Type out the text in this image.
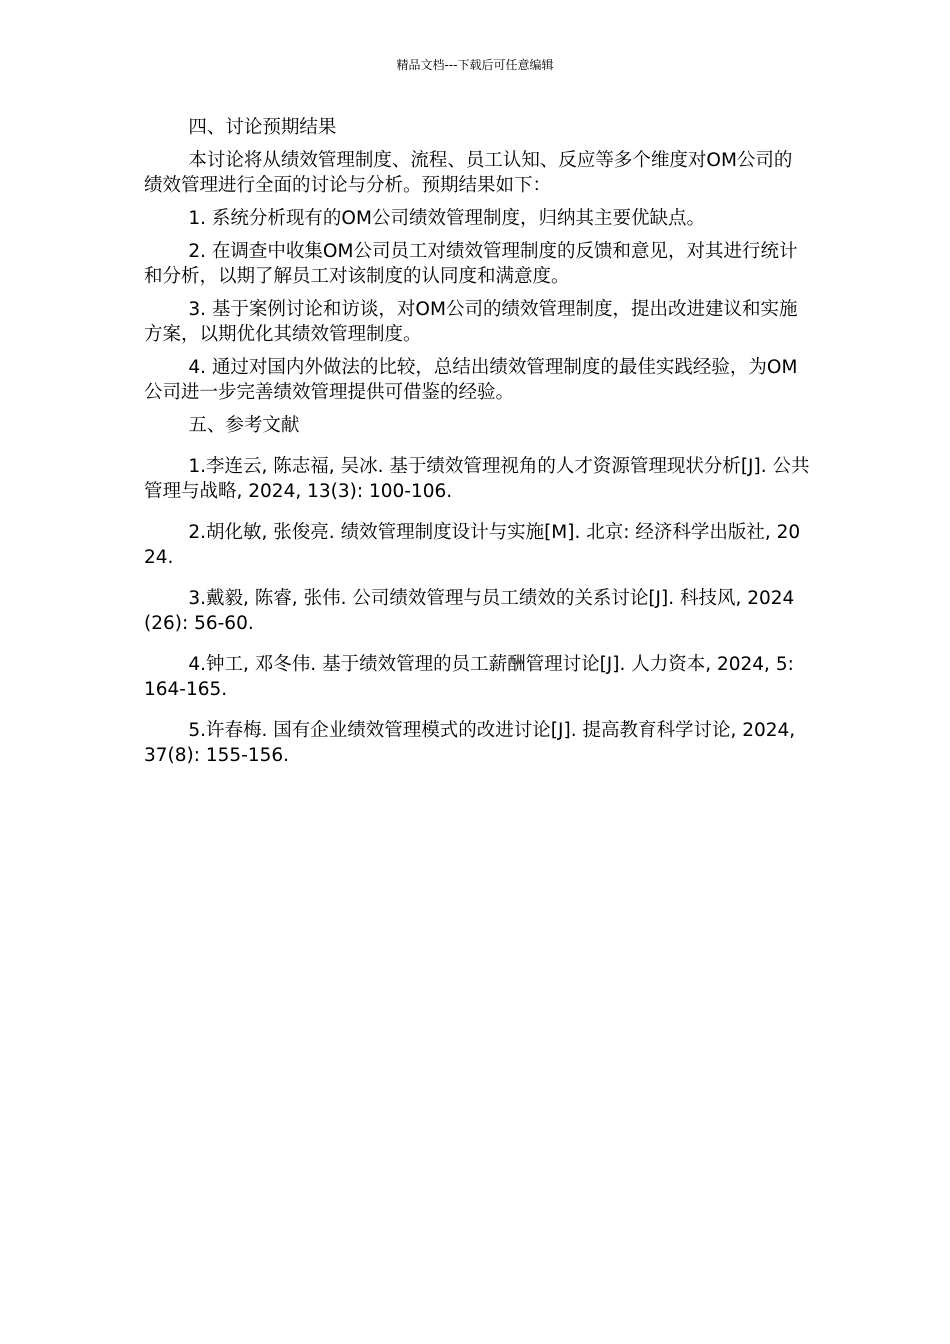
精品文档---下载后可任意编辑

四、讨论预期结果

本讨论将从绩效管理制度、流程、员工认知、反应等多个维度对OM公司的绩效管理进行全面的讨论与分析。预期结果如下：

1. 系统分析现有的OM公司绩效管理制度，归纳其主要优缺点。

2. 在调查中收集OM公司员工对绩效管理制度的反馈和意见，对其进行统计和分析，以期了解员工对该制度的认同度和满意度。

3. 基于案例讨论和访谈，对OM公司的绩效管理制度，提出改进建议和实施方案，以期优化其绩效管理制度。

4. 通过对国内外做法的比较，总结出绩效管理制度的最佳实践经验，为OM公司进一步完善绩效管理提供可借鉴的经验。

五、参考文献

1.李连云, 陈志福, 吴冰. 基于绩效管理视角的人才资源管理现状分析[J]. 公共管理与战略, 2024, 13(3): 100-106.

2.胡化敏, 张俊亮. 绩效管理制度设计与实施[M]. 北京: 经济科学出版社, 2024.

3.戴毅, 陈睿, 张伟. 公司绩效管理与员工绩效的关系讨论[J]. 科技风, 2024(26): 56-60.

4.钟工, 邓冬伟. 基于绩效管理的员工薪酬管理讨论[J]. 人力资本, 2024, 5: 164-165.

5.许春梅. 国有企业绩效管理模式的改进讨论[J]. 提高教育科学讨论, 2024, 37(8): 155-156.
